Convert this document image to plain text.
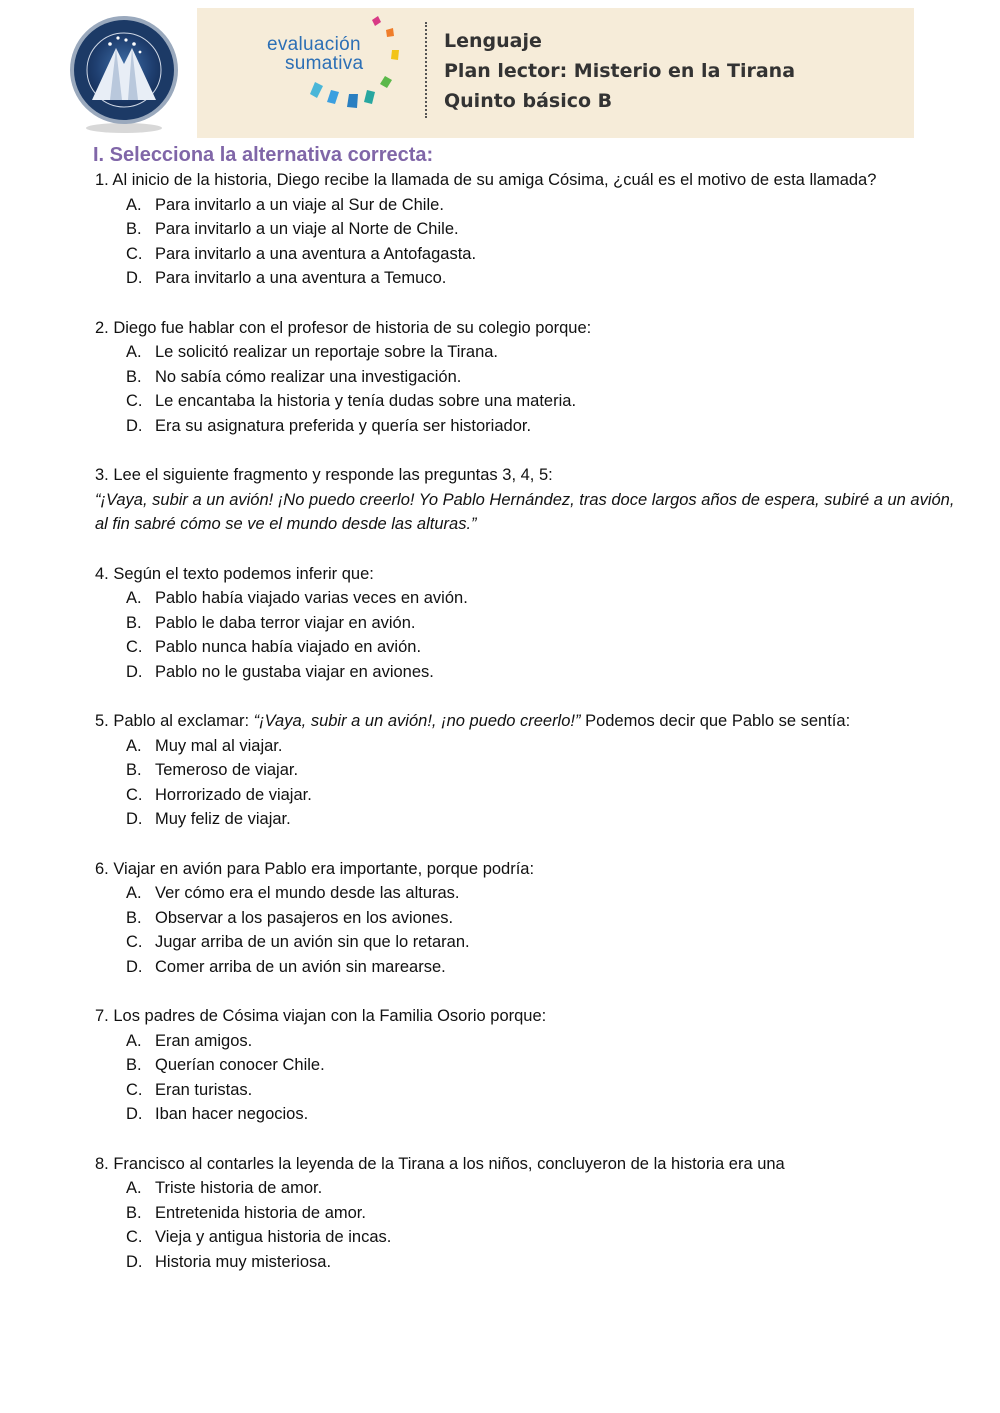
evaluación
sumativa
Lenguaje
Plan lector: Misterio en la Tirana
Quinto básico B
I. Selecciona la alternativa correcta:

1. Al inicio de la historia, Diego recibe la llamada de su amiga Cósima, ¿cuál es el motivo de esta llamada?

A. Para invitarlo a un viaje al Sur de Chile.
B. Para invitarlo a un viaje al Norte de Chile.
C. Para invitarlo a una aventura a Antofagasta.
D. Para invitarlo a una aventura a Temuco.

2. Diego fue hablar con el profesor de historia de su colegio porque:

A. Le solicitó realizar un reportaje sobre la Tirana.
B. No sabía cómo realizar una investigación.
C. Le encantaba la historia y tenía dudas sobre una materia.
D. Era su asignatura preferida y quería ser historiador.

3. Lee el siguiente fragmento y responde las preguntas 3, 4, 5:

“¡Vaya, subir a un avión! ¡No puedo creerlo! Yo Pablo Hernández, tras doce largos años de espera, subiré a un avión, al fin sabré cómo se ve el mundo desde las alturas.”

4. Según el texto podemos inferir que:

A. Pablo había viajado varias veces en avión.
B. Pablo le daba terror viajar en avión.
C. Pablo nunca había viajado en avión.
D. Pablo no le gustaba viajar en aviones.

5. Pablo al exclamar: “¡Vaya, subir a un avión!, ¡no puedo creerlo!” Podemos decir que Pablo se sentía:

A. Muy mal al viajar.
B. Temeroso de viajar.
C. Horrorizado de viajar.
D. Muy feliz de viajar.

6. Viajar en avión para Pablo era importante, porque podría:

A. Ver cómo era el mundo desde las alturas.
B. Observar a los pasajeros en los aviones.
C. Jugar arriba de un avión sin que lo retaran.
D. Comer arriba de un avión sin marearse.

7. Los padres de Cósima viajan con la Familia Osorio porque:

A. Eran amigos.
B. Querían conocer Chile.
C. Eran turistas.
D. Iban hacer negocios.

8. Francisco al contarles la leyenda de la Tirana a los niños, concluyeron de la historia era una

A. Triste historia de amor.
B. Entretenida historia de amor.
C. Vieja y antigua historia de incas.
D. Historia muy misteriosa.
